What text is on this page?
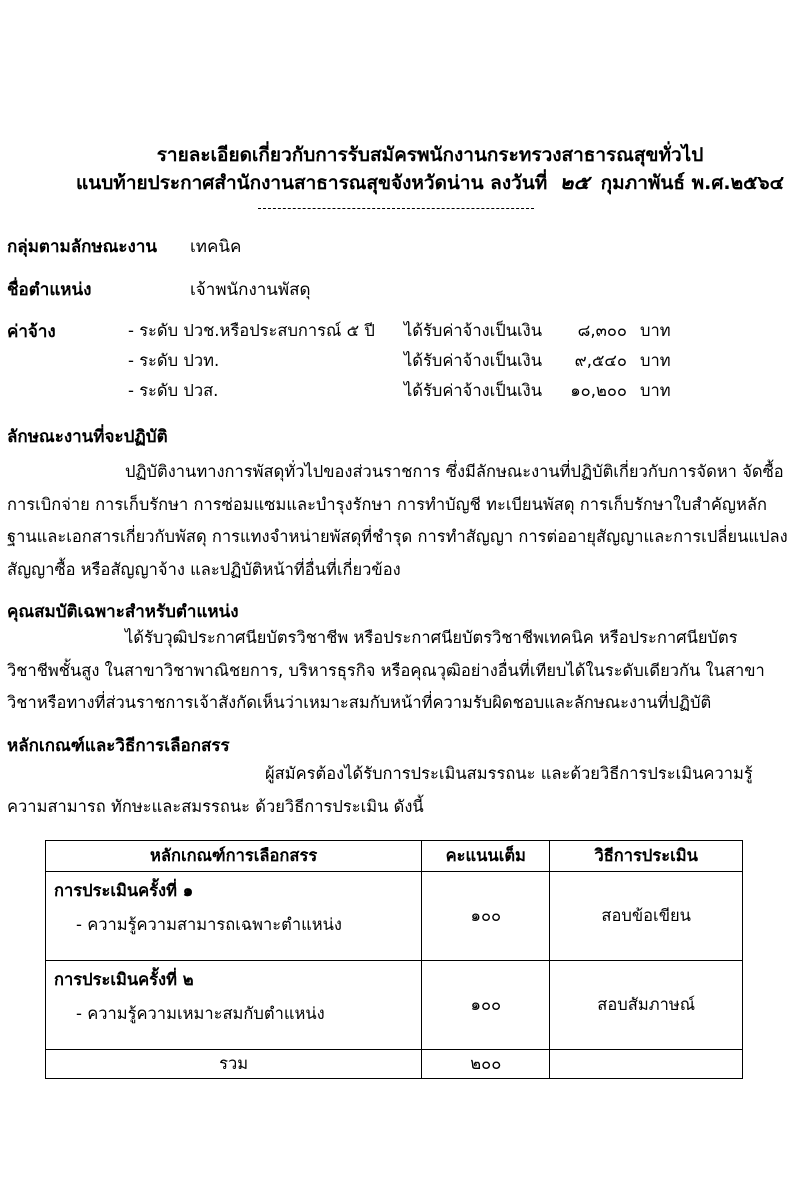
รายละเอียดเกี่ยวกับการรับสมัครพนักงานกระทรวงสาธารณสุขทั่วไป
แนบท้ายประกาศสำนักงานสาธารณสุขจังหวัดน่าน ลงวันที่ ๒๕ กุมภาพันธ์ พ.ศ.๒๕๖๔
กลุ่มตามลักษณะงาน เทคนิค
ชื่อตำแหน่ง	เจ้าพนักงานพัสดุ
ค่าจ้าง	- ระดับ ปวช.หรือประสบการณ์ ๕ ปี ได้รับค่าจ้างเป็นเงิน	๘,๓๐๐ บาท
- ระดับ ปวท.	ได้รับค่าจ้างเป็นเงิน	๙,๕๔๐ บาท
- ระดับ ปวส.	ได้รับค่าจ้างเป็นเงิน	๑๐,๒๐๐ บาท
ลักษณะงานที่จะปฏิบัติ
ปฏิบัติงานทางการพัสดุทั่วไปของส่วนราชการ ซึ่งมีลักษณะงานที่ปฏิบัติเกี่ยวกับการจัดหา จัดซื้อ การเบิกจ่าย การเก็บรักษา การซ่อมแซมและบำรุงรักษา การทำบัญชี ทะเบียนพัสดุ การเก็บรักษาใบสำคัญหลักฐานและเอกสารเกี่ยวกับพัสดุ การแทงจำหน่ายพัสดุที่ชำรุด การทำสัญญา การต่ออายุสัญญาและการเปลี่ยนแปลงสัญญาซื้อ หรือสัญญาจ้าง และปฏิบัติหน้าที่อื่นที่เกี่ยวข้อง
คุณสมบัติเฉพาะสำหรับตำแหน่ง
ได้รับวุฒิประกาศนียบัตรวิชาชีพ หรือประกาศนียบัตรวิชาชีพเทคนิค หรือประกาศนียบัตรวิชาชีพชั้นสูง ในสาขาวิชาพาณิชยการ, บริหารธุรกิจ หรือคุณวุฒิอย่างอื่นที่เทียบได้ในระดับเดียวกัน ในสาขาวิชาหรือทางที่ส่วนราชการเจ้าสังกัดเห็นว่าเหมาะสมกับหน้าที่ความรับผิดชอบและลักษณะงานที่ปฏิบัติ
หลักเกณฑ์และวิธีการเลือกสรร
ผู้สมัครต้องได้รับการประเมินสมรรถนะ และด้วยวิธีการประเมินความรู้ความสามารถ ทักษะและสมรรถนะ ด้วยวิธีการประเมิน ดังนี้
หลักเกณฑ์การเลือกสรร	คะแนนเต็ม	วิธีการประเมิน

การประเมินครั้งที่ ๑
- ความรู้ความสามารถเฉพาะตำแหน่ง	๑๐๐	สอบข้อเขียน

การประเมินครั้งที่ ๒
- ความรู้ความเหมาะสมกับตำแหน่ง	๑๐๐	สอบสัมภาษณ์
รวม	๒๐๐	
